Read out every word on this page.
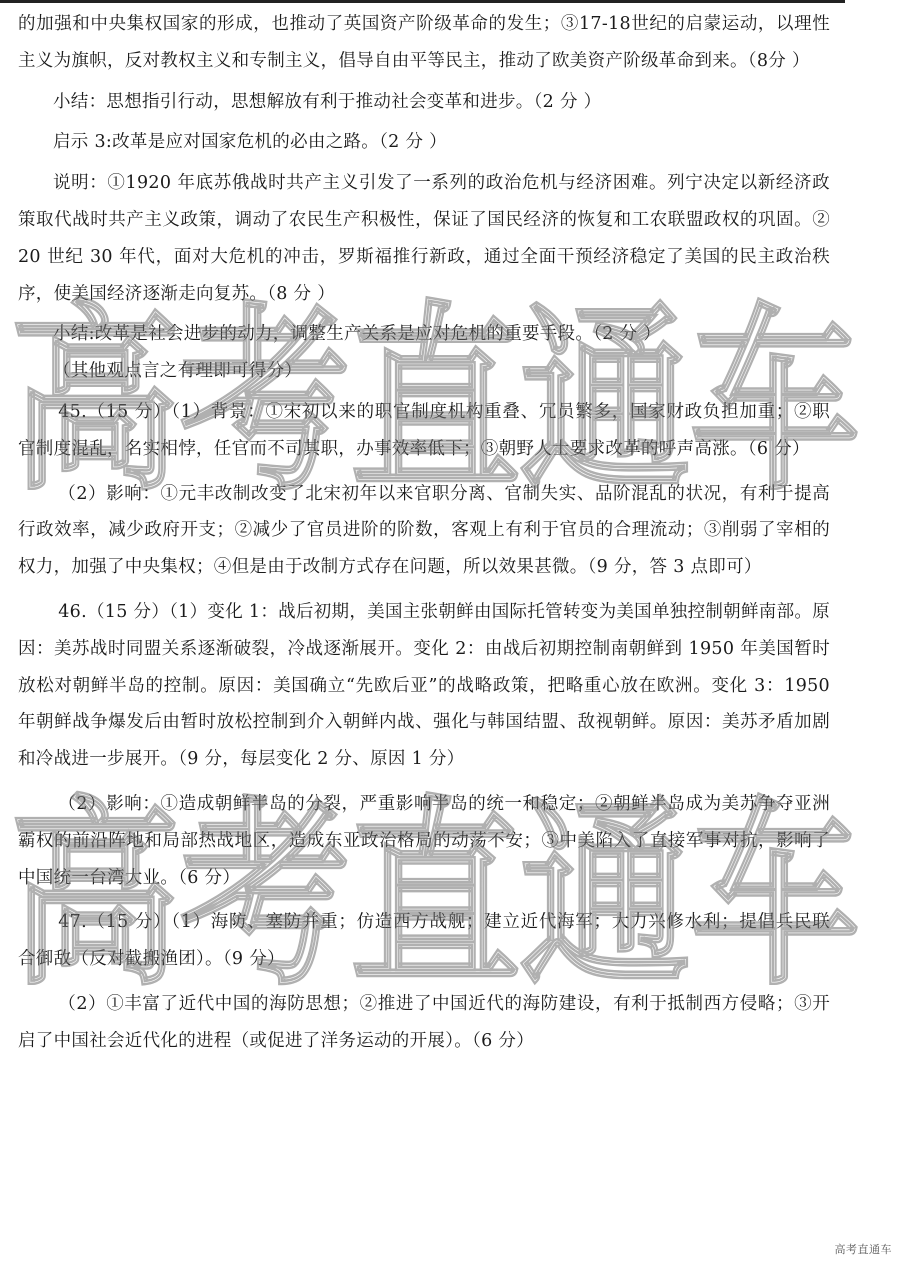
的加强和中央集权国家的形成，也推动了英国资产阶级革命的发生；③17-18世纪的启蒙运动，以理性主义为旗帜，反对教权主义和专制主义，倡导自由平等民主，推动了欧美资产阶级革命到来。（8分 ）

小结：思想指引行动，思想解放有利于推动社会变革和进步。（2 分 ）

启示 3:改革是应对国家危机的必由之路。（2 分 ）

说明：①1920 年底苏俄战时共产主义引发了一系列的政治危机与经济困难。列宁决定以新经济政策取代战时共产主义政策，调动了农民生产积极性，保证了国民经济的恢复和工农联盟政权的巩固。②20 世纪 30 年代，面对大危机的冲击，罗斯福推行新政，通过全面干预经济稳定了美国的民主政治秩序，使美国经济逐渐走向复苏。（8 分 ）

小结:改革是社会进步的动力，调整生产关系是应对危机的重要手段。（2 分 ）

（其他观点言之有理即可得分）

45.（15 分）（1）背景：①宋初以来的职官制度机构重叠、冗员繁多，国家财政负担加重；②职官制度混乱，名实相悖，任官而不司其职，办事效率低下；③朝野人士要求改革的呼声高涨。（6 分）

（2）影响：①元丰改制改变了北宋初年以来官职分离、官制失实、品阶混乱的状况，有利于提高行政效率，减少政府开支；②减少了官员进阶的阶数，客观上有利于官员的合理流动；③削弱了宰相的权力，加强了中央集权；④但是由于改制方式存在问题，所以效果甚微。（9 分，答 3 点即可）

46.（15 分）（1）变化 1：战后初期，美国主张朝鲜由国际托管转变为美国单独控制朝鲜南部。原因：美苏战时同盟关系逐渐破裂，冷战逐渐展开。变化 2：由战后初期控制南朝鲜到 1950 年美国暂时放松对朝鲜半岛的控制。原因：美国确立“先欧后亚”的战略政策，把略重心放在欧洲。变化 3：1950 年朝鲜战争爆发后由暂时放松控制到介入朝鲜内战、强化与韩国结盟、敌视朝鲜。原因：美苏矛盾加剧和冷战进一步展开。（9 分，每层变化 2 分、原因 1 分）

（2）影响：①造成朝鲜半岛的分裂，严重影响半岛的统一和稳定；②朝鲜半岛成为美苏争夺亚洲霸权的前沿阵地和局部热战地区，造成东亚政治格局的动荡不安；③中美陷入了直接军事对抗，影响了中国统一台湾大业。（6 分）

47.（15 分）（1）海防、塞防并重；仿造西方战舰；建立近代海军；大力兴修水利；提倡兵民联合御敌（反对截搬渔团）。（9 分）

（2）①丰富了近代中国的海防思想；②推进了中国近代的海防建设，有利于抵制西方侵略；③开启了中国社会近代化的进程（或促进了洋务运动的开展）。（6 分）

高考直通车
高考直通车
高考直通车
